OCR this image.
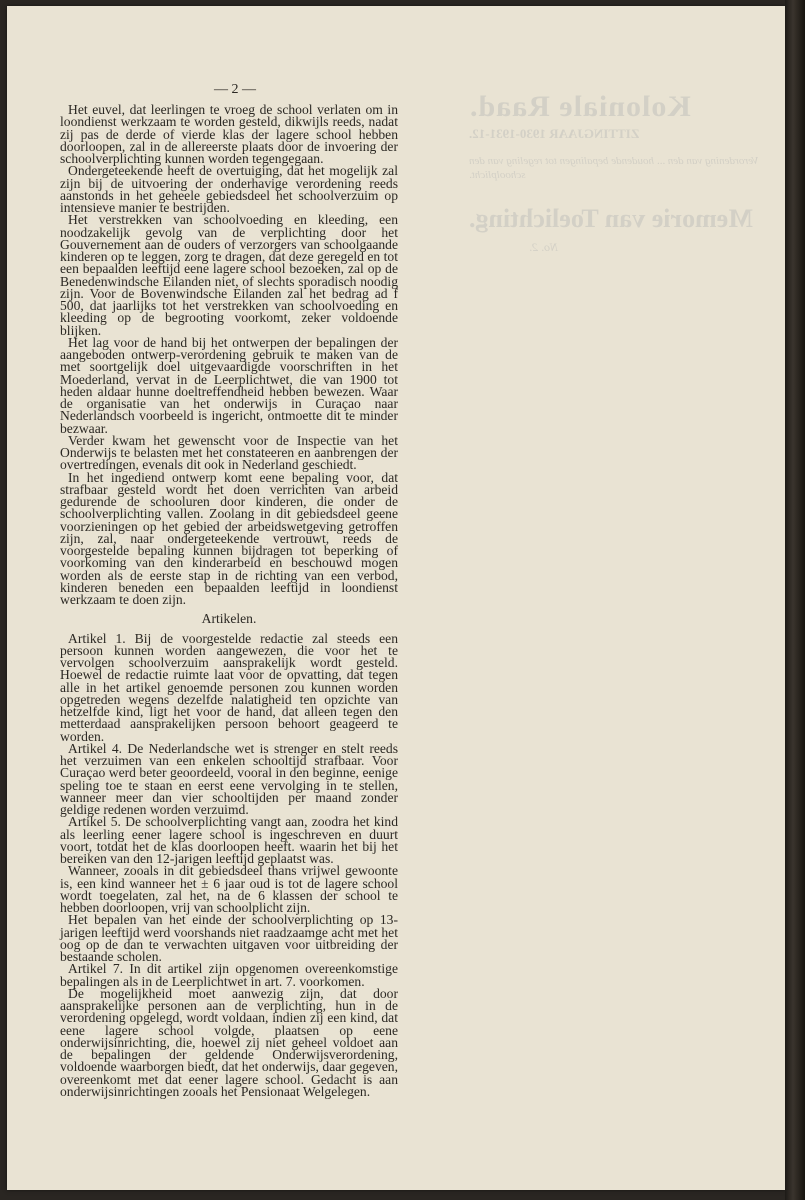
Koloniale Raad.
ZITTINGJAAR 1930-1931-12.
Verordening van den ... houdende bepalingen tot regeling van den schoolplicht.
Memorie van Toelichting.
No. 2.
— 2 —

Het euvel, dat leerlingen te vroeg de school verlaten om in loondienst werkzaam te worden gesteld, dikwijls reeds, nadat zij pas de derde of vierde klas der lagere school hebben doorloopen, zal in de allereerste plaats door de invoering der schoolverplichting kunnen worden tegengegaan.

Ondergeteekende heeft de overtuiging, dat het mogelijk zal zijn bij de uitvoering der onderhavige verordening reeds aanstonds in het geheele gebiedsdeel het schoolverzuim op intensieve manier te bestrijden.

Het verstrekken van schoolvoeding en kleeding, een noodzakelijk gevolg van de verplichting door het Gouvernement aan de ouders of verzorgers van schoolgaande kinderen op te leggen, zorg te dragen, dat deze geregeld en tot een bepaalden leeftijd eene lagere school bezoeken, zal op de Benedenwindsche Eilanden niet, of slechts sporadisch noodig zijn. Voor de Bovenwindsche Eilanden zal het bedrag ad f 500, dat jaarlijks tot het verstrekken van schoolvoeding en kleeding op de begrooting voorkomt, zeker voldoende blijken.

Het lag voor de hand bij het ontwerpen der bepalingen der aangeboden ontwerp-verordening gebruik te maken van de met soortgelijk doel uitgevaardigde voorschriften in het Moederland, vervat in de Leerplichtwet, die van 1900 tot heden aldaar hunne doeltreffendheid hebben bewezen. Waar de organisatie van het onderwijs in Curaçao naar Nederlandsch voorbeeld is ingericht, ontmoette dit te minder bezwaar.

Verder kwam het gewenscht voor de Inspectie van het Onderwijs te belasten met het constateeren en aanbrengen der overtredingen, evenals dit ook in Nederland geschiedt.

In het ingediend ontwerp komt eene bepaling voor, dat strafbaar gesteld wordt het doen verrichten van arbeid gedurende de schooluren door kinderen, die onder de schoolverplichting vallen. Zoolang in dit gebiedsdeel geene voorzieningen op het gebied der arbeidswetgeving getroffen zijn, zal, naar ondergeteekende vertrouwt, reeds de voorgestelde bepaling kunnen bijdragen tot beperking of voorkoming van den kinderarbeid en beschouwd mogen worden als de eerste stap in de richting van een verbod, kinderen beneden een bepaalden leeftijd in loondienst werkzaam te doen zijn.

Artikelen.

Artikel 1. Bij de voorgestelde redactie zal steeds een persoon kunnen worden aangewezen, die voor het te vervolgen schoolverzuim aansprakelijk wordt gesteld. Hoewel de redactie ruimte laat voor de opvatting, dat tegen alle in het artikel genoemde personen zou kunnen worden opgetreden wegens dezelfde nalatigheid ten opzichte van hetzelfde kind, ligt het voor de hand, dat alleen tegen den metterdaad aansprakelijken persoon behoort geageerd te worden.

Artikel 4. De Nederlandsche wet is strenger en stelt reeds het verzuimen van een enkelen schooltijd strafbaar. Voor Curaçao werd beter geoordeeld, vooral in den beginne, eenige speling toe te staan en eerst eene vervolging in te stellen, wanneer meer dan vier schooltijden per maand zonder geldige redenen worden verzuimd.

Artikel 5. De schoolverplichting vangt aan, zoodra het kind als leerling eener lagere school is ingeschreven en duurt voort, totdat het de klas doorloopen heeft. waarin het bij het bereiken van den 12-jarigen leeftijd geplaatst was.

Wanneer, zooals in dit gebiedsdeel thans vrijwel gewoonte is, een kind wanneer het ± 6 jaar oud is tot de lagere school wordt toegelaten, zal het, na de 6 klassen der school te hebben doorloopen, vrij van schoolplicht zijn.

Het bepalen van het einde der schoolverplichting op 13-jarigen leeftijd werd voorshands niet raadzaamge acht met het oog op de dan te verwachten uitgaven voor uitbreiding der bestaande scholen.

Artikel 7. In dit artikel zijn opgenomen overeenkomstige bepalingen als in de Leerplichtwet in art. 7. voorkomen.

De mogelijkheid moet aanwezig zijn, dat door aansprakelijke personen aan de verplichting, hun in de verordening opgelegd, wordt voldaan, indien zij een kind, dat eene lagere school volgde, plaatsen op eene onderwijsinrichting, die, hoewel zij niet geheel voldoet aan de bepalingen der geldende Onderwijsverordening, voldoende waarborgen biedt, dat het onderwijs, daar gegeven, overeenkomt met dat eener lagere school. Gedacht is aan onderwijsinrichtingen zooals het Pensionaat Welgelegen.
